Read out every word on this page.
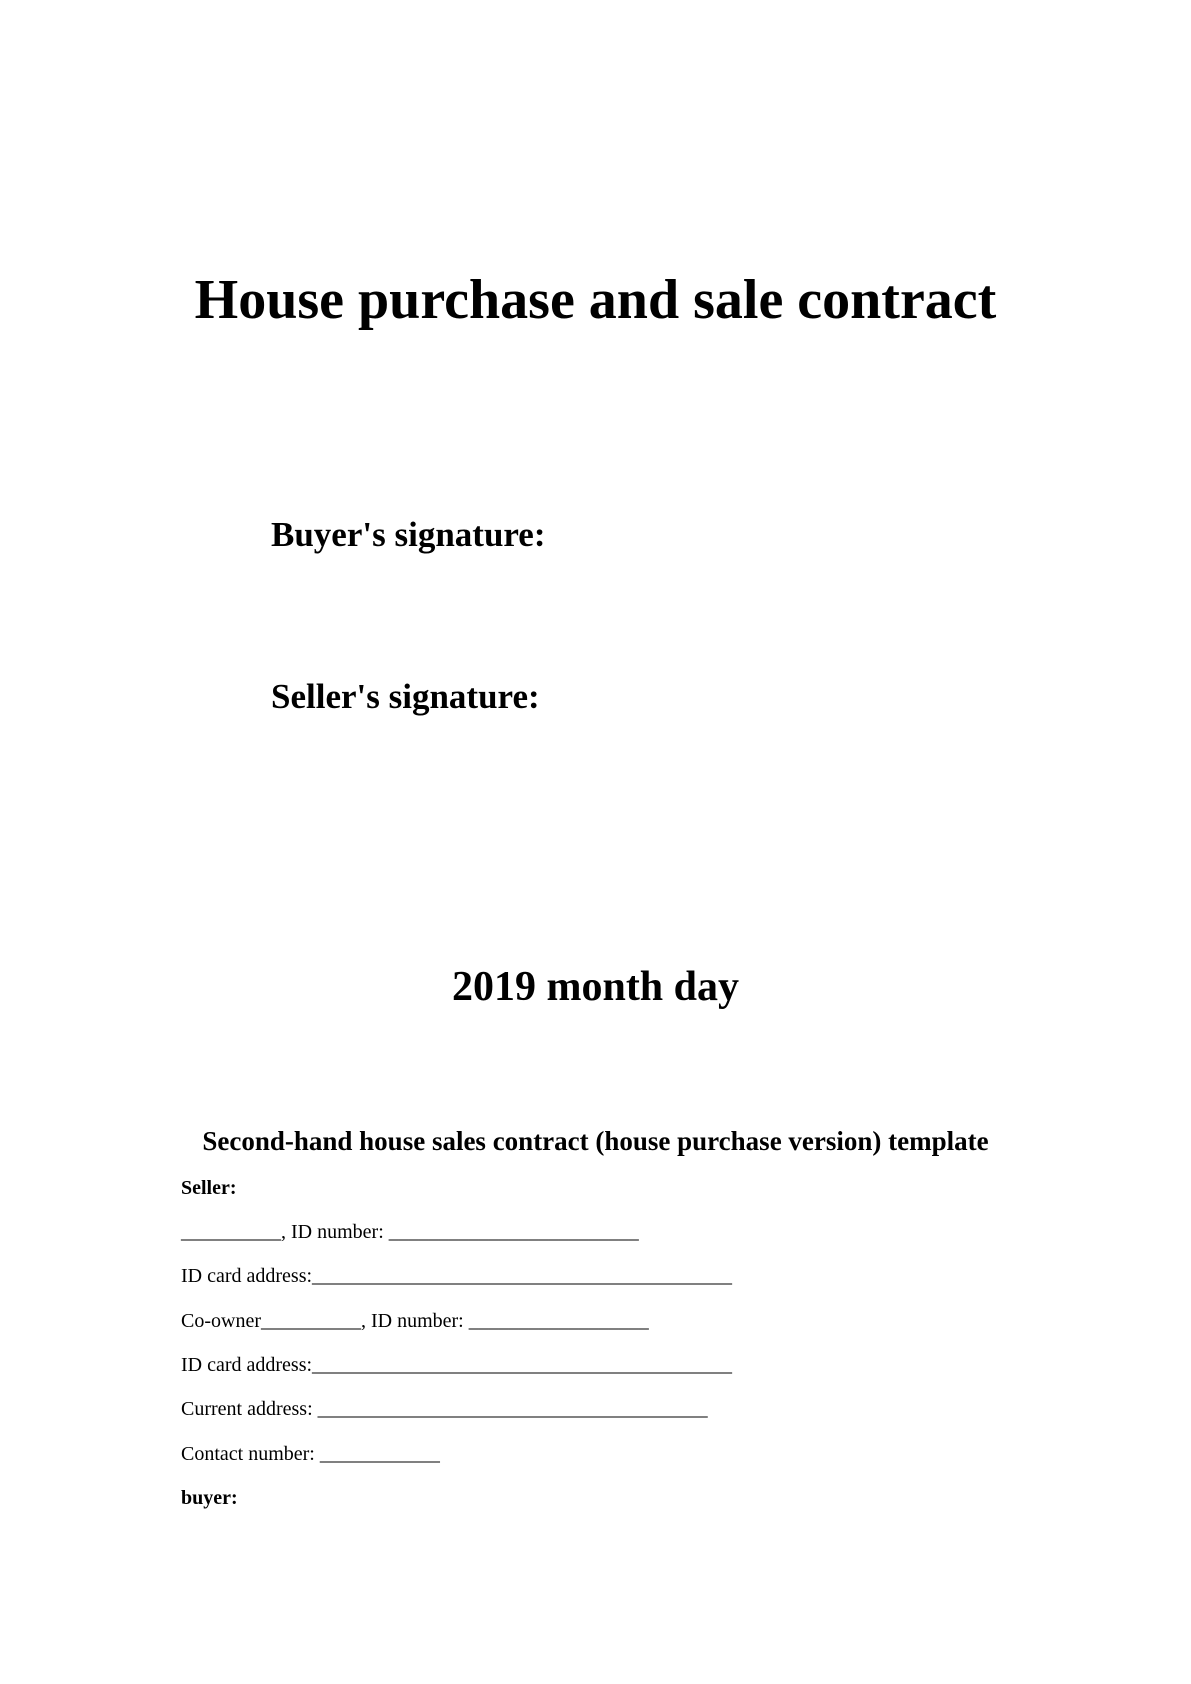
House purchase and sale contract
Buyer's signature:
Seller's signature:
2019 month day
Second-hand house sales contract (house purchase version) template
Seller:
__________, ID number: _________________________
ID card address:__________________________________________
Co-owner__________, ID number: __________________
ID card address:__________________________________________
Current address: _______________________________________
Contact number: ____________
buyer:
